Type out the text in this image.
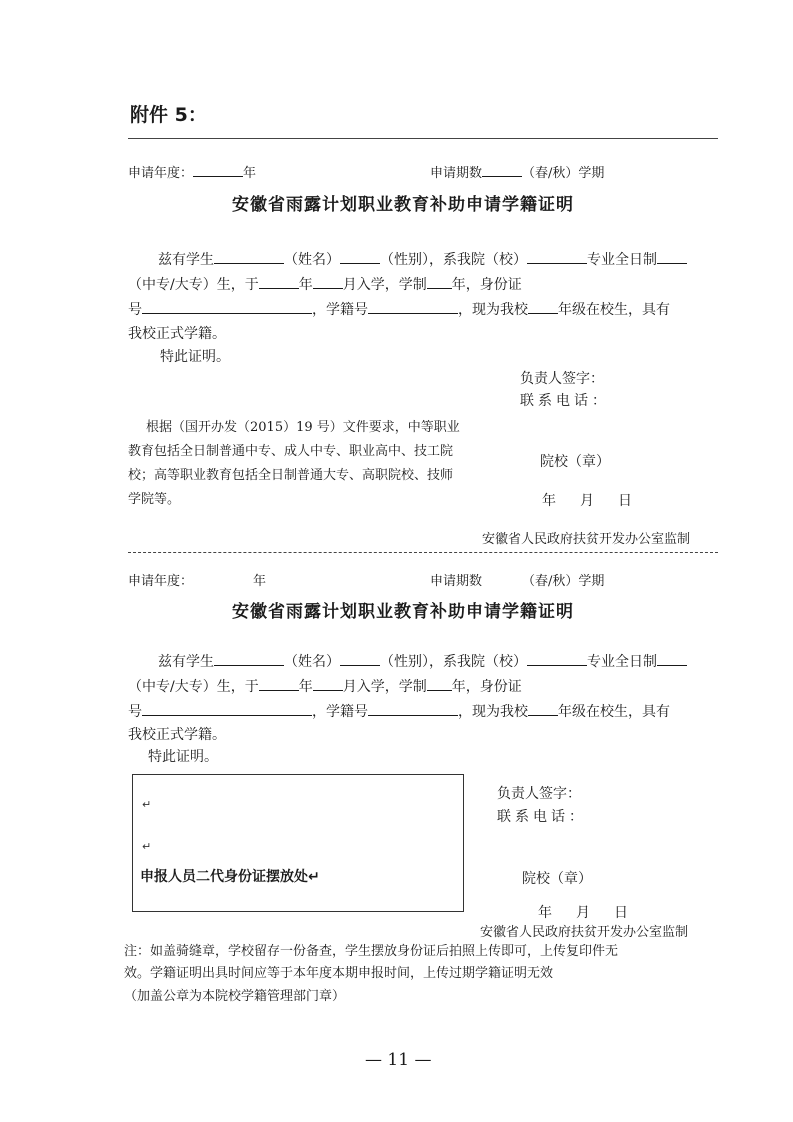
附件 5：
申请年度：	年	申请期数	（春/秋）学期
安徽省雨露计划职业教育补助申请学籍证明
兹有学生	（姓名）	（性别），系我院（校）	专业全日制
（中专/大专）生，于	年 月入学，学制 年，身份证
号	，学籍号	，现为我校 年级在校生，具有
我校正式学籍。
特此证明。
负责人签字：
联系电话：
根据（国开办发（2015）19 号）文件要求，中等职业
教育包括全日制普通中专、成人中专、职业高中、技工院
校；高等职业教育包括全日制普通大专、高职院校、技师
学院等。
院校（章）
年 月 日
安徽省人民政府扶贫开发办公室监制
申请年度：	年	申请期数	（春/秋）学期
安徽省雨露计划职业教育补助申请学籍证明
兹有学生	（姓名）	（性别），系我院（校）	专业全日制
（中专/大专）生，于	年 月入学，学制 年，身份证
号	，学籍号	，现为我校 年级在校生，具有
我校正式学籍。
特此证明。
↵
↵
申报人员二代身份证摆放处↵
负责人签字：
联系电话：
院校（章）
年 月 日
安徽省人民政府扶贫开发办公室监制
注：如盖骑缝章，学校留存一份备查，学生摆放身份证后拍照上传即可，上传复印件无
效。学籍证明出具时间应等于本年度本期申报时间，上传过期学籍证明无效
（加盖公章为本院校学籍管理部门章）
— 11 —
